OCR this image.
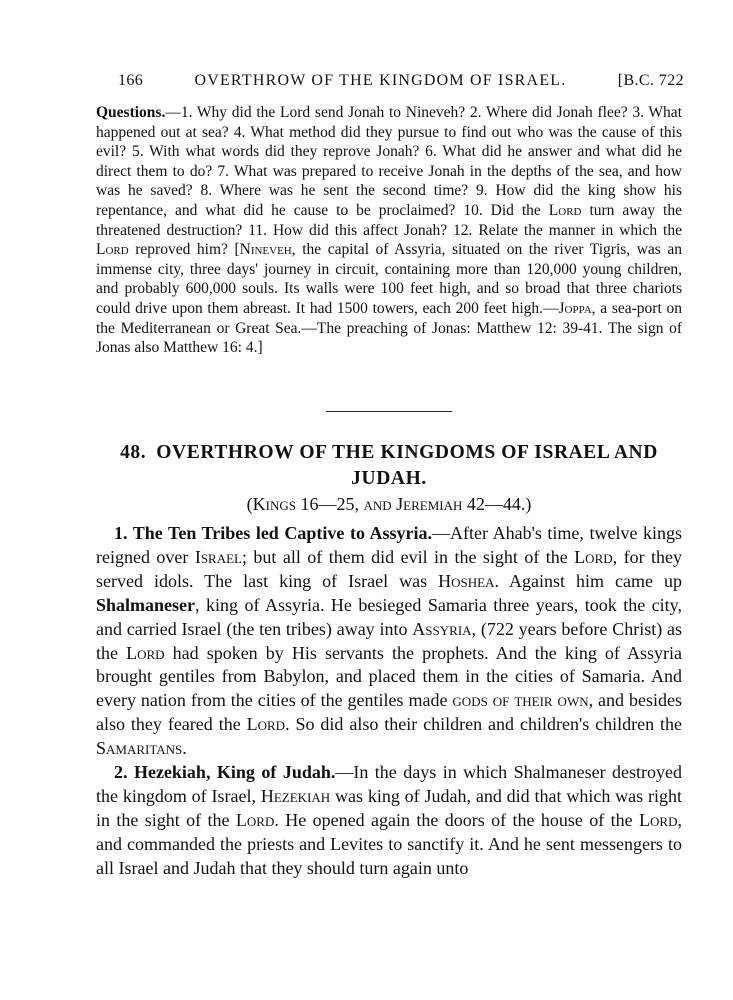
166	OVERTHROW OF THE KINGDOM OF ISRAEL.	[B.C. 722

Questions.—1. Why did the Lord send Jonah to Nineveh? 2. Where did Jonah flee? 3. What happened out at sea? 4. What method did they pursue to find out who was the cause of this evil? 5. With what words did they reprove Jonah? 6. What did he answer and what did he direct them to do? 7. What was prepared to receive Jonah in the depths of the sea, and how was he saved? 8. Where was he sent the second time? 9. How did the king show his repentance, and what did he cause to be proclaimed? 10. Did the Lord turn away the threatened destruction? 11. How did this affect Jonah? 12. Relate the manner in which the Lord reproved him? [Nineveh, the capital of Assyria, situated on the river Tigris, was an immense city, three days' journey in circuit, containing more than 120,000 young children, and probably 600,000 souls. Its walls were 100 feet high, and so broad that three chariots could drive upon them abreast. It had 1500 towers, each 200 feet high.—Joppa, a sea-port on the Mediterranean or Great Sea.—The preaching of Jonas: Matthew 12: 39-41. The sign of Jonas also Matthew 16: 4.]

48. OVERTHROW OF THE KINGDOMS OF ISRAEL AND JUDAH.
(Kings 16—25, and Jeremiah 42—44.)

1. The Ten Tribes led Captive to Assyria.—After Ahab's time, twelve kings reigned over Israel; but all of them did evil in the sight of the Lord, for they served idols. The last king of Israel was Hoshea. Against him came up Shalmaneser, king of Assyria. He besieged Samaria three years, took the city, and carried Israel (the ten tribes) away into Assyria, (722 years before Christ) as the Lord had spoken by His servants the prophets. And the king of Assyria brought gentiles from Babylon, and placed them in the cities of Samaria. And every nation from the cities of the gentiles made gods of their own, and besides also they feared the Lord. So did also their children and children's children the Samaritans.

2. Hezekiah, King of Judah.—In the days in which Shalmaneser destroyed the kingdom of Israel, Hezekiah was king of Judah, and did that which was right in the sight of the Lord. He opened again the doors of the house of the Lord, and commanded the priests and Levites to sanctify it. And he sent messengers to all Israel and Judah that they should turn again unto
